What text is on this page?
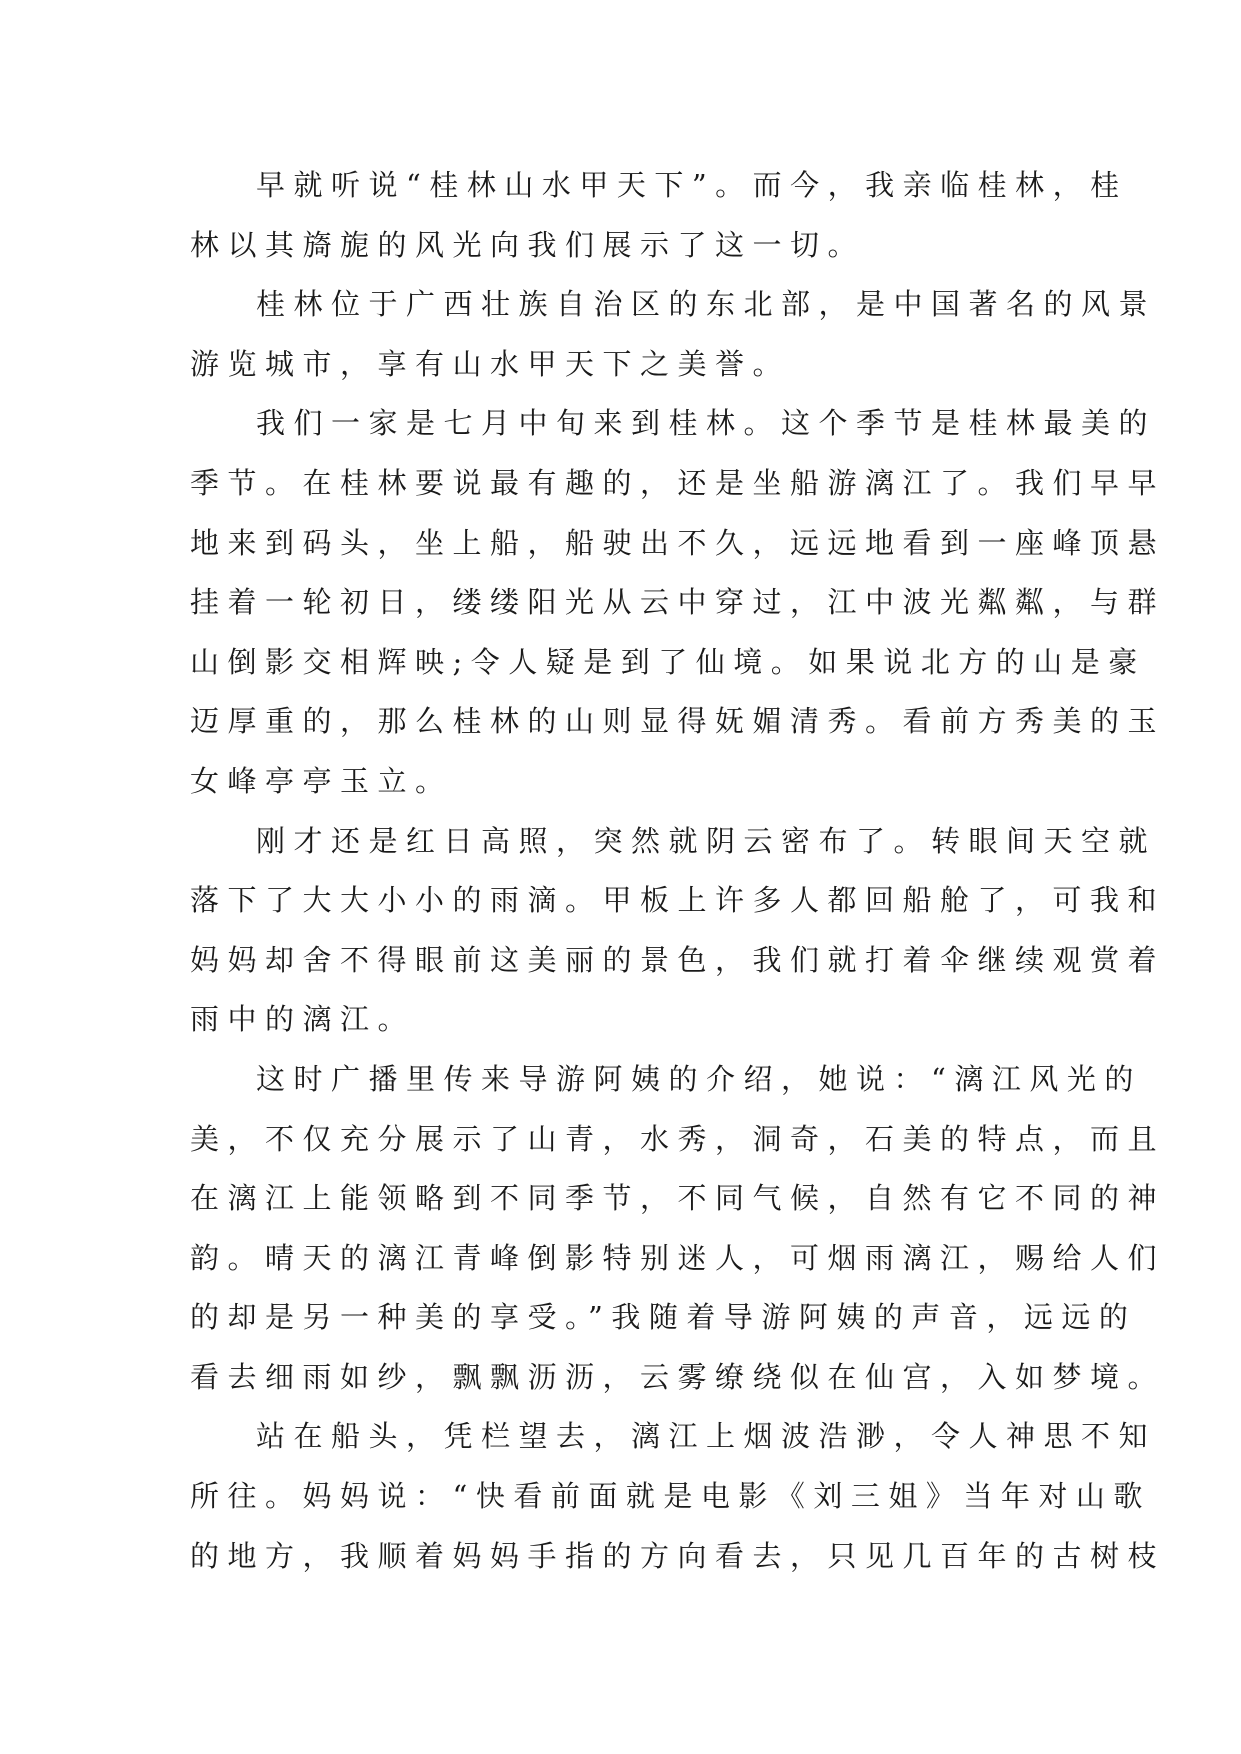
早就听说“桂林山水甲天下”。而今，我亲临桂林，桂
林以其旖旎的风光向我们展示了这一切。
桂林位于广西壮族自治区的东北部，是中国著名的风景
游览城市，享有山水甲天下之美誉。
我们一家是七月中旬来到桂林。这个季节是桂林最美的
季节。在桂林要说最有趣的，还是坐船游漓江了。我们早早
地来到码头，坐上船，船驶出不久，远远地看到一座峰顶悬
挂着一轮初日，缕缕阳光从云中穿过，江中波光粼粼，与群
山倒影交相辉映;令人疑是到了仙境。如果说北方的山是豪
迈厚重的，那么桂林的山则显得妩媚清秀。看前方秀美的玉
女峰亭亭玉立。
刚才还是红日高照，突然就阴云密布了。转眼间天空就
落下了大大小小的雨滴。甲板上许多人都回船舱了，可我和
妈妈却舍不得眼前这美丽的景色，我们就打着伞继续观赏着
雨中的漓江。
这时广播里传来导游阿姨的介绍，她说：“漓江风光的
美，不仅充分展示了山青，水秀，洞奇，石美的特点，而且
在漓江上能领略到不同季节，不同气候，自然有它不同的神
韵。晴天的漓江青峰倒影特别迷人，可烟雨漓江，赐给人们
的却是另一种美的享受。”我随着导游阿姨的声音，远远的
看去细雨如纱，飘飘沥沥，云雾缭绕似在仙宫，入如梦境。
站在船头，凭栏望去，漓江上烟波浩渺，令人神思不知
所往。妈妈说：“快看前面就是电影《刘三姐》当年对山歌
的地方，我顺着妈妈手指的方向看去，只见几百年的古树枝
